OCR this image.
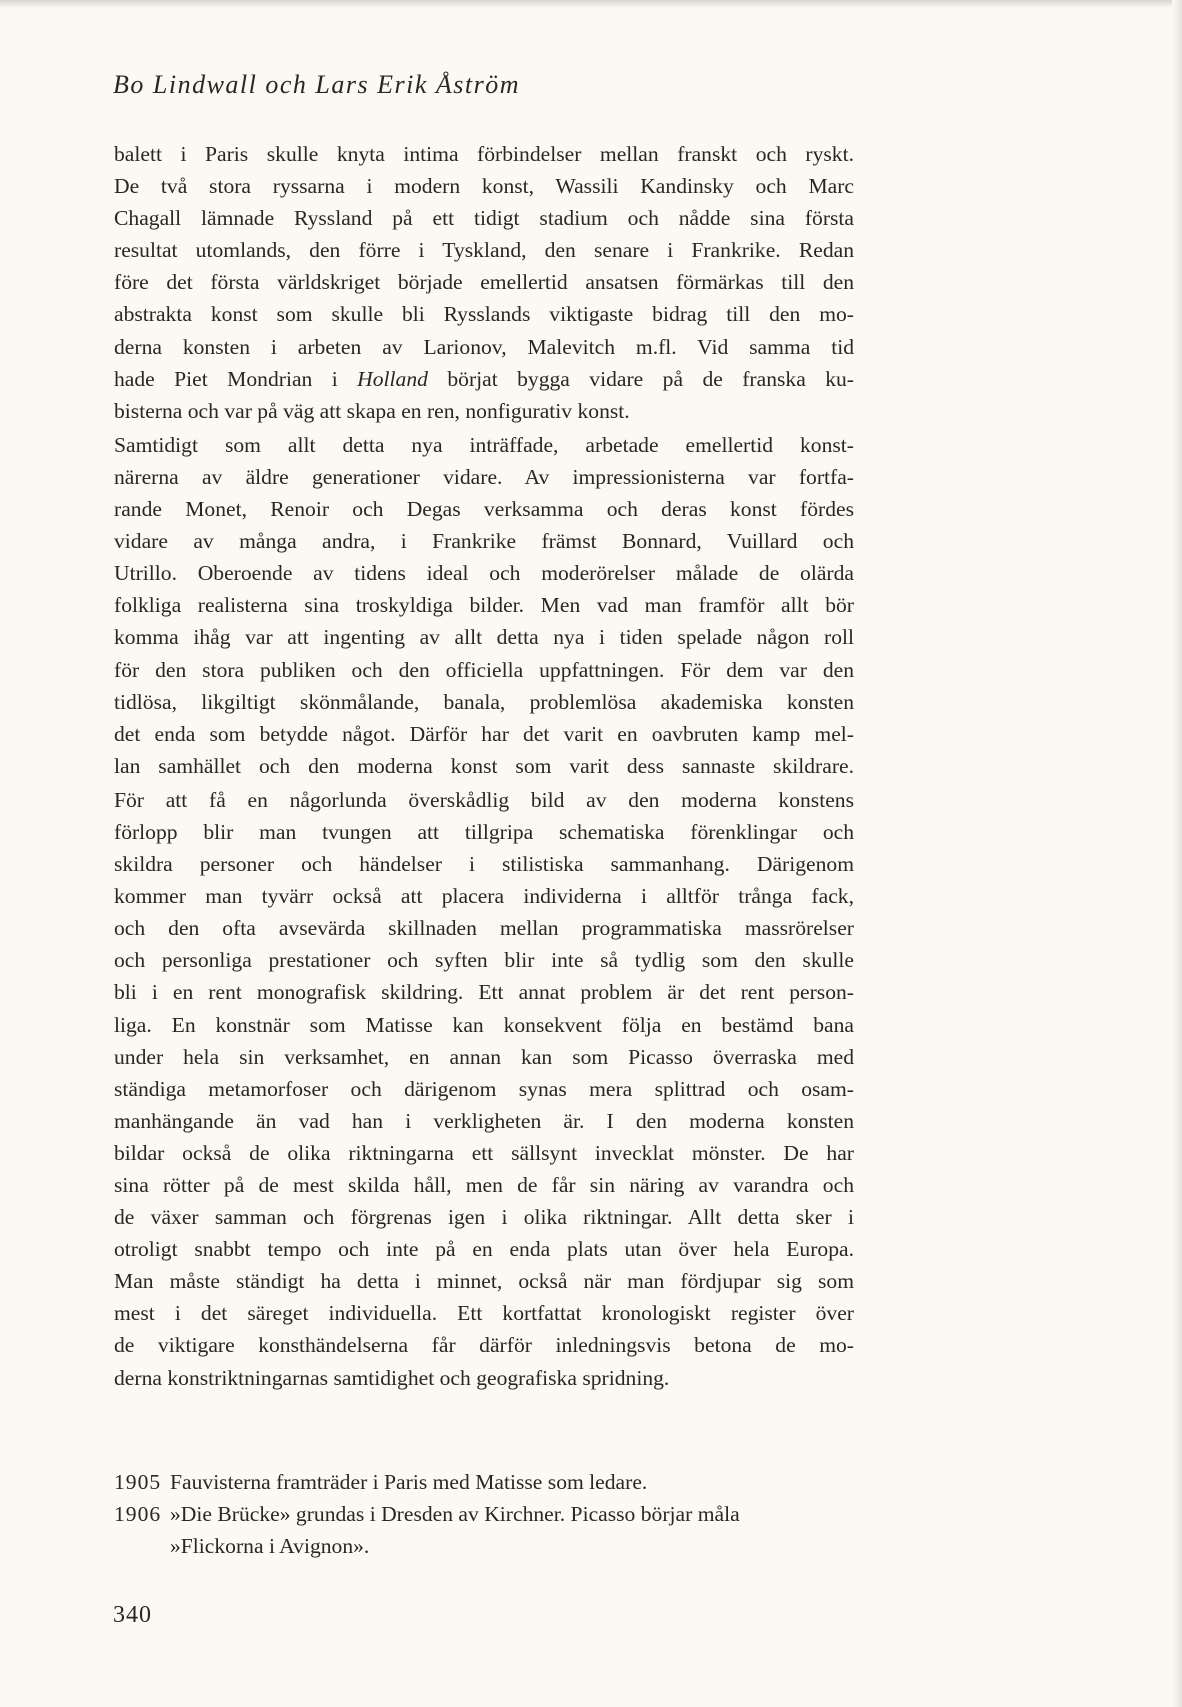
Bo Lindwall och Lars Erik Åström
balett i Paris skulle knyta intima förbindelser mellan franskt och ryskt.
De två stora ryssarna i modern konst, Wassili Kandinsky och Marc
Chagall lämnade Ryssland på ett tidigt stadium och nådde sina första
resultat utomlands, den förre i Tyskland, den senare i Frankrike. Redan
före det första världskriget började emellertid ansatsen förmärkas till den
abstrakta konst som skulle bli Rysslands viktigaste bidrag till den mo-
derna konsten i arbeten av Larionov, Malevitch m.fl. Vid samma tid
hade Piet Mondrian i Holland börjat bygga vidare på de franska ku-
bisterna och var på väg att skapa en ren, nonfigurativ konst.
Samtidigt som allt detta nya inträffade, arbetade emellertid konst-
närerna av äldre generationer vidare. Av impressionisterna var fortfa-
rande Monet, Renoir och Degas verksamma och deras konst fördes
vidare av många andra, i Frankrike främst Bonnard, Vuillard och
Utrillo. Oberoende av tidens ideal och moderörelser målade de olärda
folkliga realisterna sina troskyldiga bilder. Men vad man framför allt bör
komma ihåg var att ingenting av allt detta nya i tiden spelade någon roll
för den stora publiken och den officiella uppfattningen. För dem var den
tidlösa, likgiltigt skönmålande, banala, problemlösa akademiska konsten
det enda som betydde något. Därför har det varit en oavbruten kamp mel-
lan samhället och den moderna konst som varit dess sannaste skildrare.
För att få en någorlunda överskådlig bild av den moderna konstens
förlopp blir man tvungen att tillgripa schematiska förenklingar och
skildra personer och händelser i stilistiska sammanhang. Därigenom
kommer man tyvärr också att placera individerna i alltför trånga fack,
och den ofta avsevärda skillnaden mellan programmatiska massrörelser
och personliga prestationer och syften blir inte så tydlig som den skulle
bli i en rent monografisk skildring. Ett annat problem är det rent person-
liga. En konstnär som Matisse kan konsekvent följa en bestämd bana
under hela sin verksamhet, en annan kan som Picasso överraska med
ständiga metamorfoser och därigenom synas mera splittrad och osam-
manhängande än vad han i verkligheten är. I den moderna konsten
bildar också de olika riktningarna ett sällsynt invecklat mönster. De har
sina rötter på de mest skilda håll, men de får sin näring av varandra och
de växer samman och förgrenas igen i olika riktningar. Allt detta sker i
otroligt snabbt tempo och inte på en enda plats utan över hela Europa.
Man måste ständigt ha detta i minnet, också när man fördjupar sig som
mest i det säreget individuella. Ett kortfattat kronologiskt register över
de viktigare konsthändelserna får därför inledningsvis betona de mo-
derna konstriktningarnas samtidighet och geografiska spridning.
1905 Fauvisterna framträder i Paris med Matisse som ledare.
1906 »Die Brücke» grundas i Dresden av Kirchner. Picasso börjar måla
»Flickorna i Avignon».
340
